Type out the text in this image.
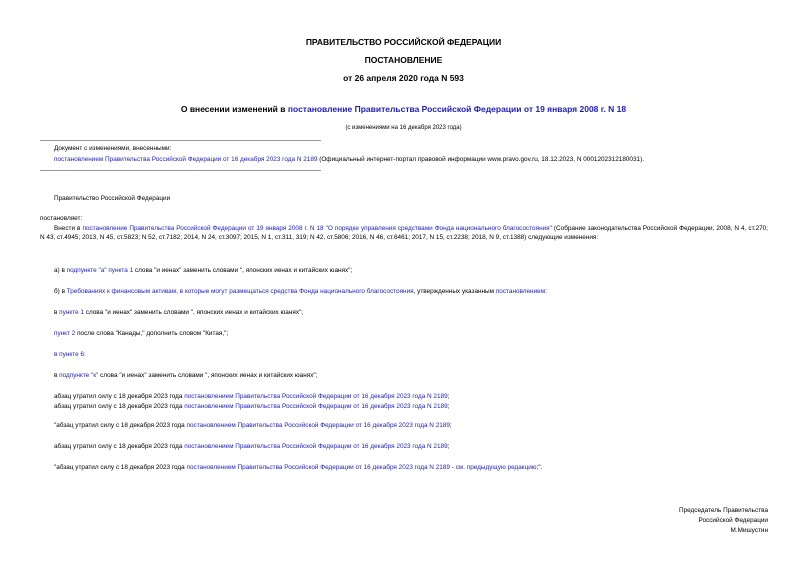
ПРАВИТЕЛЬСТВО РОССИЙСКОЙ ФЕДЕРАЦИИ
ПОСТАНОВЛЕНИЕ
от 26 апреля 2020 года N 593
О внесении изменений в постановление Правительства Российской Федерации от 19 января 2008 г. N 18
(с изменениями на 16 декабря 2023 года)
Документ с изменениями, внесенными:
постановлением Правительства Российской Федерации от 16 декабря 2023 года N 2189 (Официальный интернет-портал правовой информации www.pravo.gov.ru, 18.12.2023, N 0001202312180031).
Правительство Российской Федерации
постановляет:
Внести в постановление Правительства Российской Федерации от 19 января 2008 г. N 18 "О порядке управления средствами Фонда национального благосостояния" (Собрание законодательства Российской Федерации, 2008, N 4, ст.270; N 43, ст.4945; 2013, N 45, ст.5823; N 52, ст.7182; 2014, N 24, ст.3097; 2015, N 1, ст.311, 319; N 42, ст.5806; 2016, N 46, ст.6461; 2017, N 15, ст.2238; 2018, N 9, ст.1388) следующие изменения:
а) в подпункте "а" пункта 1 слова "и иенах" заменить словами ", японских иенах и китайских юанях";
б) в Требованиях к финансовым активам, в которые могут размещаться средства Фонда национального благосостояния, утвержденных указанным постановлением:
в пункте 1 слова "и иенах" заменить словами ", японских иенах и китайских юанях";
пункт 2 после слова "Канады," дополнить словом "Китая,";
в пункте 6:
в подпункте "к" слова "и иенах" заменить словами ", японских иенах и китайских юанях";
абзац утратил силу с 18 декабря 2023 года постановлением Правительства Российской Федерации от 16 декабря 2023 года N 2189;
абзац утратил силу с 18 декабря 2023 года постановлением Правительства Российской Федерации от 16 декабря 2023 года N 2189;
"абзац утратил силу с 18 декабря 2023 года постановлением Правительства Российской Федерации от 16 декабря 2023 года N 2189;
абзац утратил силу с 18 декабря 2023 года постановлением Правительства Российской Федерации от 16 декабря 2023 года N 2189;
"абзац утратил силу с 18 декабря 2023 года постановлением Правительства Российской Федерации от 16 декабря 2023 года N 2189 - см. предыдущую редакцию;".
Председатель Правительства
Российской Федерации
М.Мишустин
